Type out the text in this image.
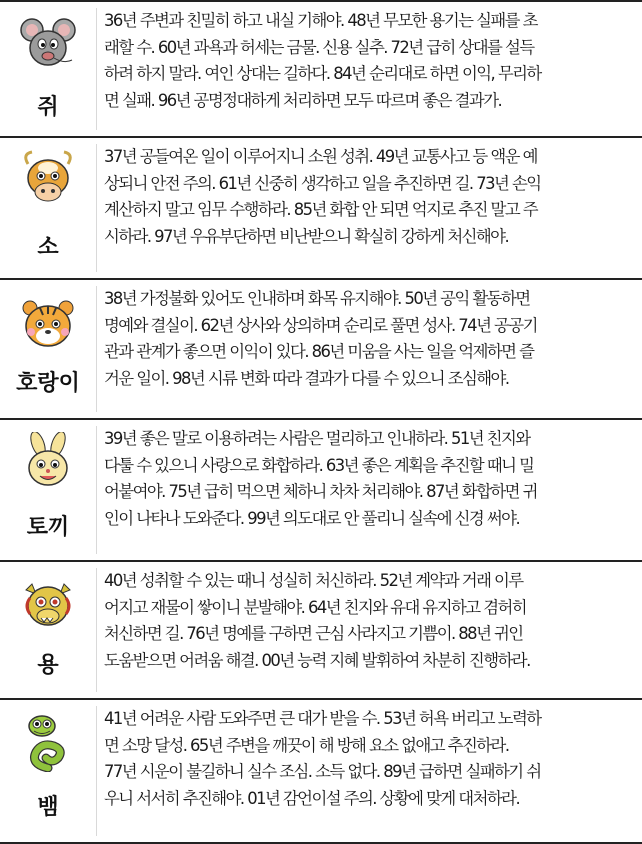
쥐
36년 주변과 친밀히 하고 내실 기해야. 48년 무모한 용기는 실패를 초
래할 수. 60년 과욕과 허세는 금물. 신용 실추. 72년 급히 상대를 설득
하려 하지 말라. 여인 상대는 길하다. 84년 순리대로 하면 이익, 무리하
면 실패. 96년 공명정대하게 처리하면 모두 따르며 좋은 결과가.
소
37년 공들여온 일이 이루어지니 소원 성취. 49년 교통사고 등 액운 예
상되니 안전 주의. 61년 신중히 생각하고 일을 추진하면 길. 73년 손익
계산하지 말고 임무 수행하라. 85년 화합 안 되면 억지로 추진 말고 주
시하라. 97년 우유부단하면 비난받으니 확실히 강하게 처신해야.
호랑이
38년 가정불화 있어도 인내하며 화목 유지해야. 50년 공익 활동하면
명예와 결실이. 62년 상사와 상의하며 순리로 풀면 성사. 74년 공공기
관과 관계가 좋으면 이익이 있다. 86년 미움을 사는 일을 억제하면 즐
거운 일이. 98년 시류 변화 따라 결과가 다를 수 있으니 조심해야.
토끼
39년 좋은 말로 이용하려는 사람은 멀리하고 인내하라. 51년 친지와
다툴 수 있으니 사랑으로 화합하라. 63년 좋은 계획을 추진할 때니 밀
어붙여야. 75년 급히 먹으면 체하니 차차 처리해야. 87년 화합하면 귀
인이 나타나 도와준다. 99년 의도대로 안 풀리니 실속에 신경 써야.
용
40년 성취할 수 있는 때니 성실히 처신하라. 52년 계약과 거래 이루
어지고 재물이 쌓이니 분발해야. 64년 친지와 유대 유지하고 겸허히
처신하면 길. 76년 명예를 구하면 근심 사라지고 기쁨이. 88년 귀인
도움받으면 어려움 해결. 00년 능력 지혜 발휘하여 차분히 진행하라.
뱀
41년 어려운 사람 도와주면 큰 대가 받을 수. 53년 허욕 버리고 노력하
면 소망 달성. 65년 주변을 깨끗이 해 방해 요소 없애고 추진하라.
77년 시운이 불길하니 실수 조심. 소득 없다. 89년 급하면 실패하기 쉬
우니 서서히 추진해야. 01년 감언이설 주의. 상황에 맞게 대처하라.
